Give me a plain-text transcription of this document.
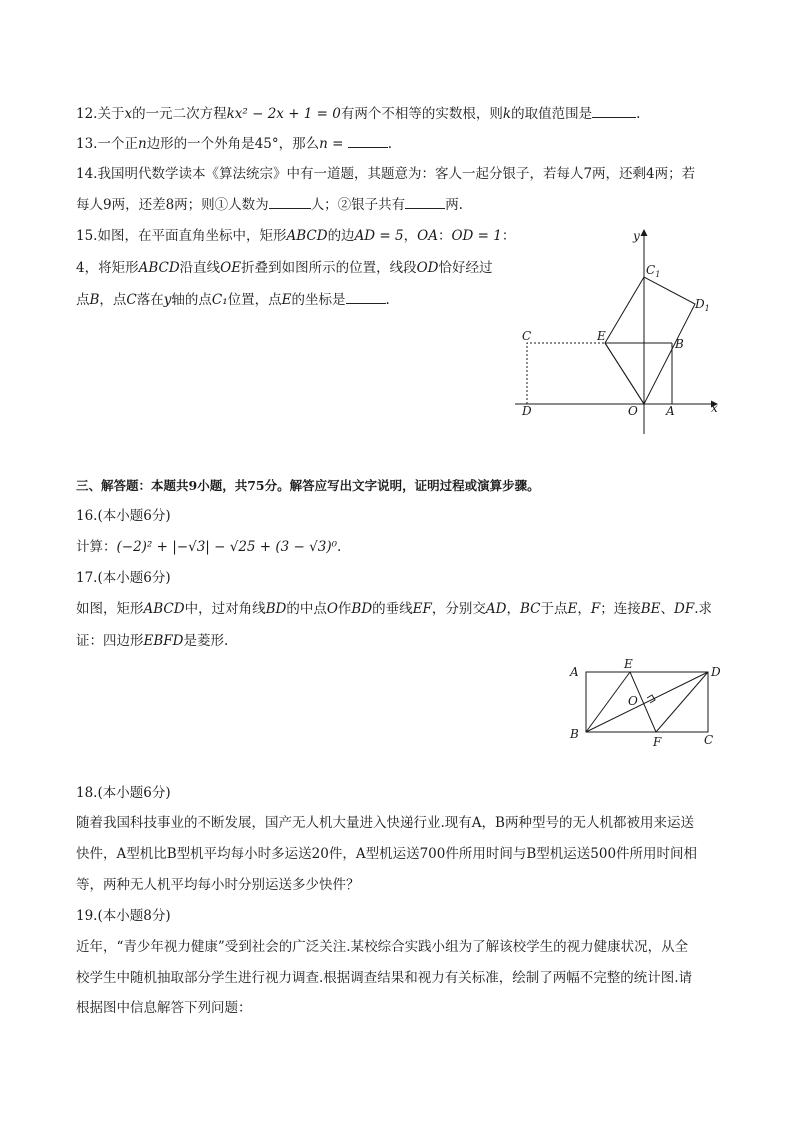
12.关于x的一元二次方程kx² − 2x + 1 = 0有两个不相等的实数根，则k的取值范围是	.
13.一个正n边形的一个外角是45°，那么n =	.
14.我国明代数学读本《算法统宗》中有一道题，其题意为：客人一起分银子，若每人7两，还剩4两；若
每人9两，还差8两；则①人数为	人；②银子共有	两.
15.如图，在平面直角坐标中，矩形ABCD的边AD = 5，OA：OD = 1：
4，将矩形ABCD沿直线OE折叠到如图所示的位置，线段OD恰好经过
点B，点C落在y轴的点C₁位置，点E的坐标是	.
y
$C_1$
$D_1$
C	E
B
D	O A	x
三、解答题：本题共9小题，共75分。解答应写出文字说明，证明过程或演算步骤。
16.(本小题6分)
计算：(−2)² + |−√3| − √25 + (3 − √3)⁰.
17.(本小题6分)
如图，矩形ABCD中，过对角线BD的中点O作BD的垂线EF，分别交AD，BC于点E，F；连接BE、DF.求
证：四边形EBFD是菱形.
A
E
D
O
B
F	C
18.(本小题6分)
随着我国科技事业的不断发展，国产无人机大量进入快递行业.现有A，B两种型号的无人机都被用来运送
快件，A型机比B型机平均每小时多运送20件，A型机运送700件所用时间与B型机运送500件所用时间相
等，两种无人机平均每小时分别运送多少快件？
19.(本小题8分)
近年，“青少年视力健康”受到社会的广泛关注.某校综合实践小组为了解该校学生的视力健康状况，从全
校学生中随机抽取部分学生进行视力调查.根据调查结果和视力有关标准，绘制了两幅不完整的统计图.请
根据图中信息解答下列问题：
